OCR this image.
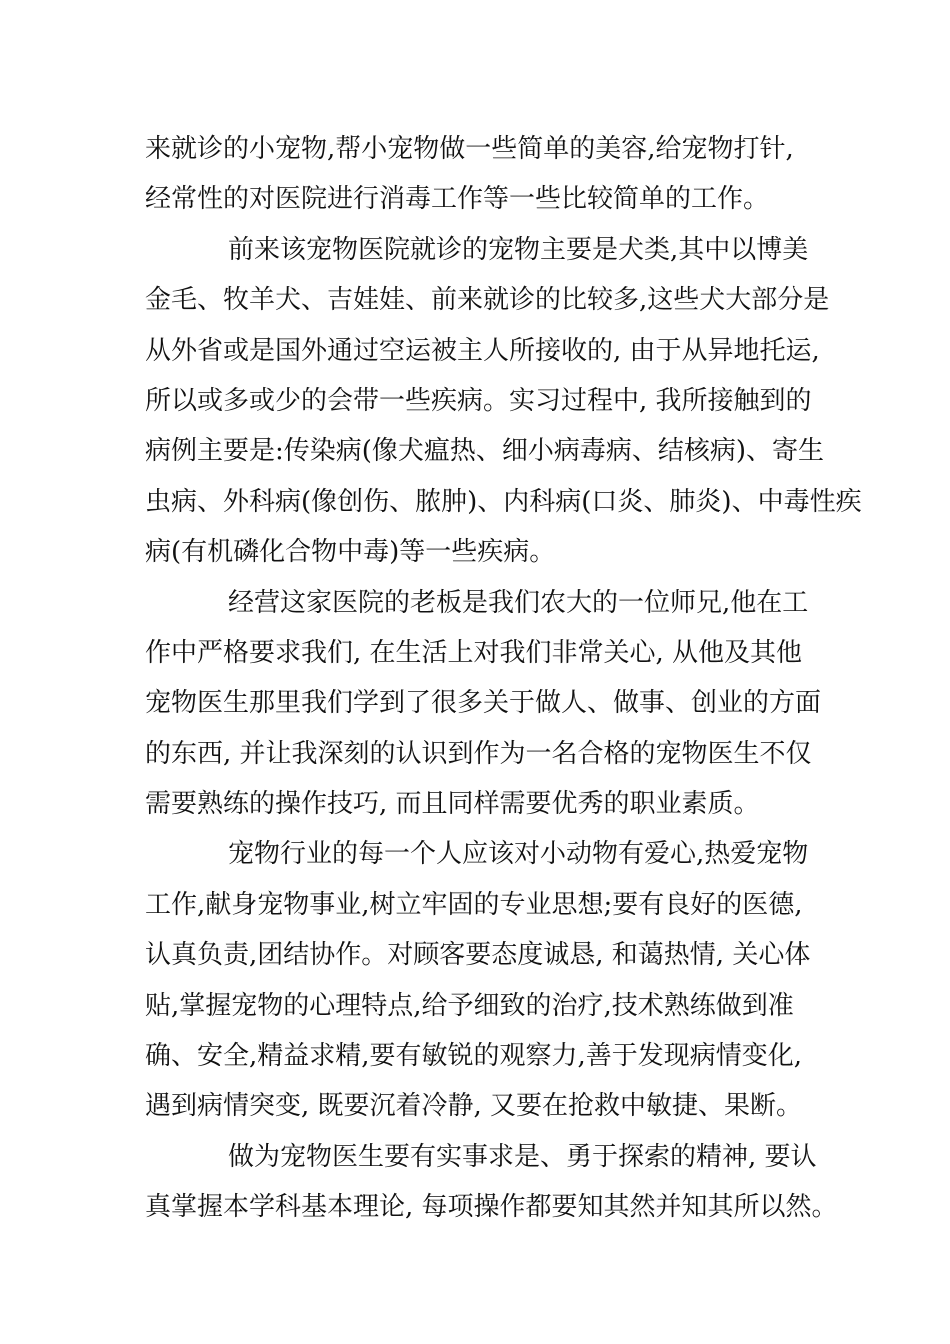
来就诊的小宠物,帮小宠物做一些简单的美容,给宠物打针,
经常性的对医院进行消毒工作等一些比较简单的工作。
前来该宠物医院就诊的宠物主要是犬类,其中以博美
金毛、牧羊犬、吉娃娃、前来就诊的比较多,这些犬大部分是
从外省或是国外通过空运被主人所接收的, 由于从异地托运,
所以或多或少的会带一些疾病。实习过程中, 我所接触到的
病例主要是:传染病(像犬瘟热、细小病毒病、结核病)、寄生
虫病、外科病(像创伤、脓肿)、内科病(口炎、肺炎)、中毒性疾
病(有机磷化合物中毒)等一些疾病。
经营这家医院的老板是我们农大的一位师兄,他在工
作中严格要求我们, 在生活上对我们非常关心, 从他及其他
宠物医生那里我们学到了很多关于做人、做事、创业的方面
的东西, 并让我深刻的认识到作为一名合格的宠物医生不仅
需要熟练的操作技巧, 而且同样需要优秀的职业素质。
宠物行业的每一个人应该对小动物有爱心,热爱宠物
工作,献身宠物事业,树立牢固的专业思想;要有良好的医德,
认真负责,团结协作。对顾客要态度诚恳, 和蔼热情, 关心体
贴,掌握宠物的心理特点,给予细致的治疗,技术熟练做到准
确、安全,精益求精,要有敏锐的观察力,善于发现病情变化,
遇到病情突变, 既要沉着冷静, 又要在抢救中敏捷、果断。
做为宠物医生要有实事求是、勇于探索的精神, 要认
真掌握本学科基本理论, 每项操作都要知其然并知其所以然。
